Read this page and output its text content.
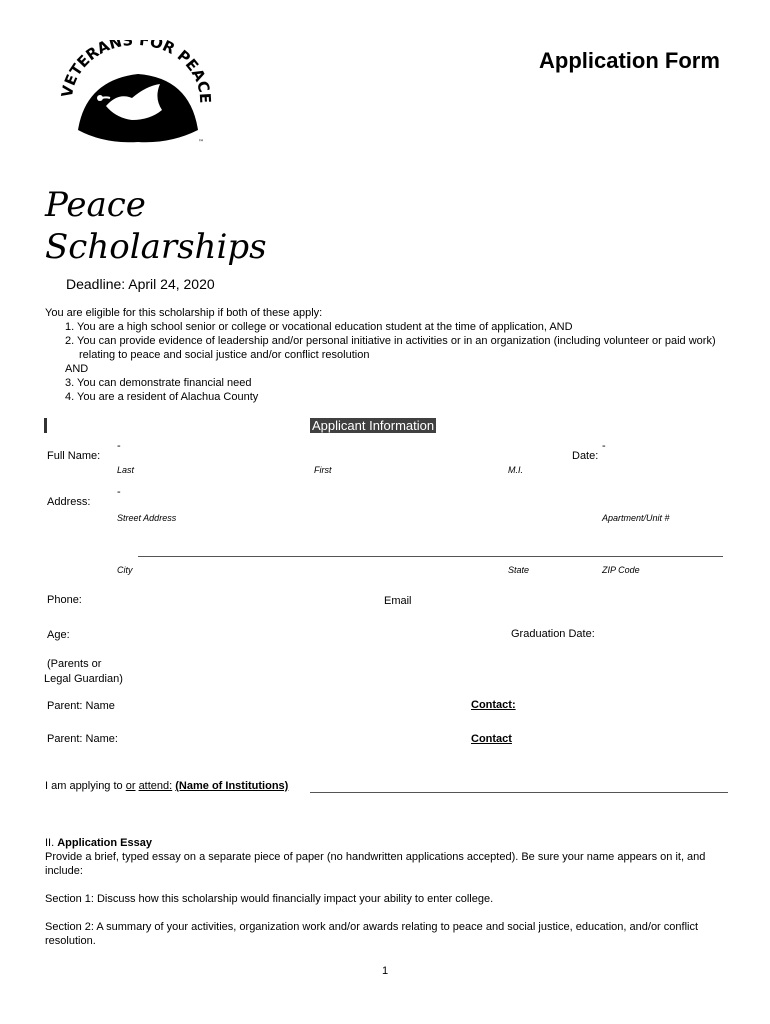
VETERANS FOR PEACE
™
Application Form
Peace
Scholarships
Deadline: April 24, 2020
You are eligible for this scholarship if both of these apply:
1. You are a high school senior or college or vocational education student at the time of application, AND
2. You can provide evidence of leadership and/or personal initiative in activities or in an organization (including volunteer or paid work) relating to peace and social justice and/or conflict resolution
AND
3. You can demonstrate financial need
4. You are a resident of Alachua County
Applicant Information
-	-
Full Name:	Date:
Last	First	M.I.
-
Address:
Street Address	Apartment/Unit #
City	State	ZIP Code
Phone:	Email
Age:	Graduation Date:
(Parents or
Legal Guardian)
Parent: Name	Contact:
Parent: Name:	Contact
I am applying to or attend: (Name of Institutions)

II. Application Essay

Provide a brief, typed essay on a separate piece of paper (no handwritten applications accepted). Be sure your name appears on it, and include:

Section 1: Discuss how this scholarship would financially impact your ability to enter college.

Section 2: A summary of your activities, organization work and/or awards relating to peace and social justice, education, and/or conflict resolution.

1
